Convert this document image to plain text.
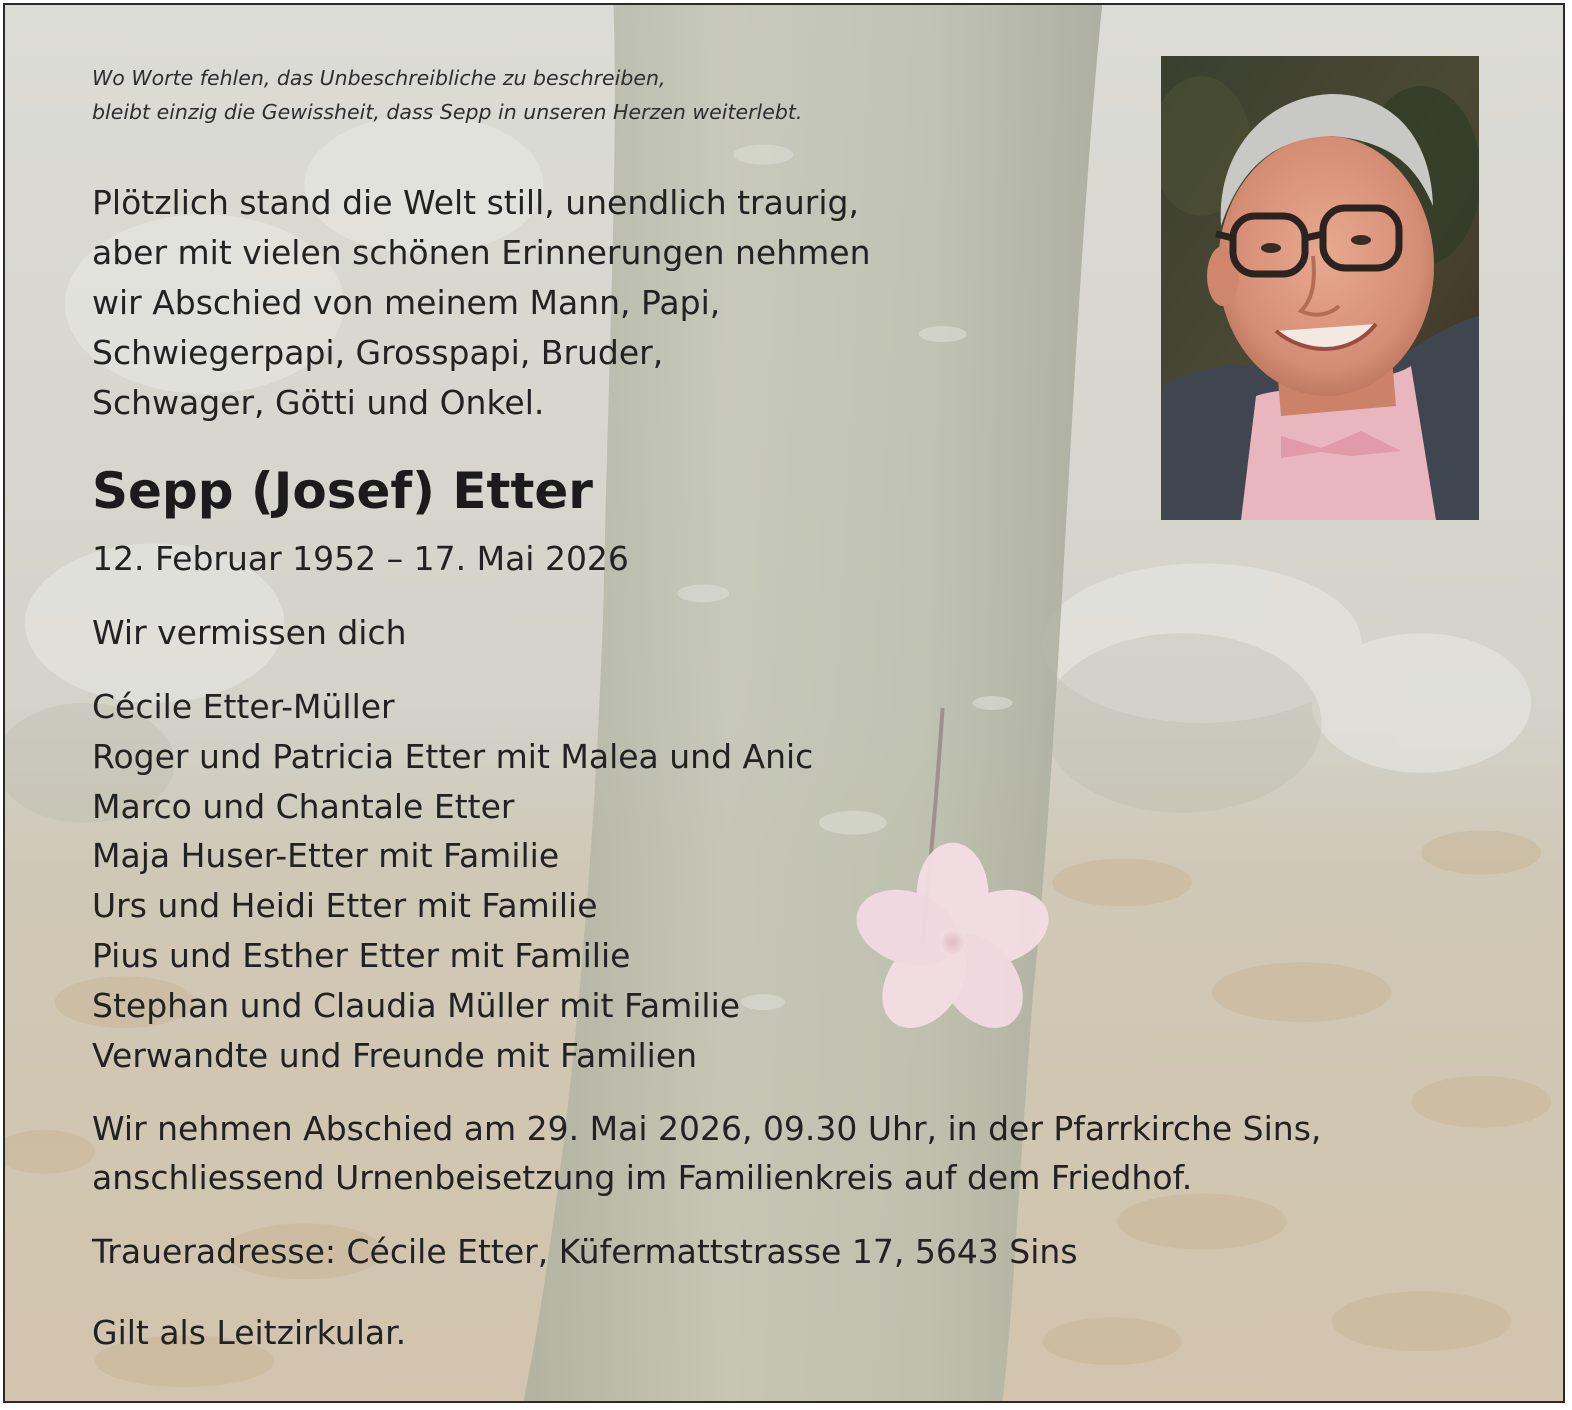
Wo Worte fehlen, das Unbeschreibliche zu beschreiben,
bleibt einzig die Gewissheit, dass Sepp in unseren Herzen weiterlebt.
Plötzlich stand die Welt still, unendlich traurig,
aber mit vielen schönen Erinnerungen nehmen
wir Abschied von meinem Mann, Papi,
Schwiegerpapi, Grosspapi, Bruder,
Schwager, Götti und Onkel.
Sepp (Josef) Etter
12. Februar 1952 – 17. Mai 2026
Wir vermissen dich
Cécile Etter-Müller
Roger und Patricia Etter mit Malea und Anic
Marco und Chantale Etter
Maja Huser-Etter mit Familie
Urs und Heidi Etter mit Familie
Pius und Esther Etter mit Familie
Stephan und Claudia Müller mit Familie
Verwandte und Freunde mit Familien
Wir nehmen Abschied am 29. Mai 2026, 09.30 Uhr, in der Pfarrkirche Sins,
anschliessend Urnenbeisetzung im Familienkreis auf dem Friedhof.
Traueradresse: Cécile Etter, Küfermattstrasse 17, 5643 Sins
Gilt als Leitzirkular.
